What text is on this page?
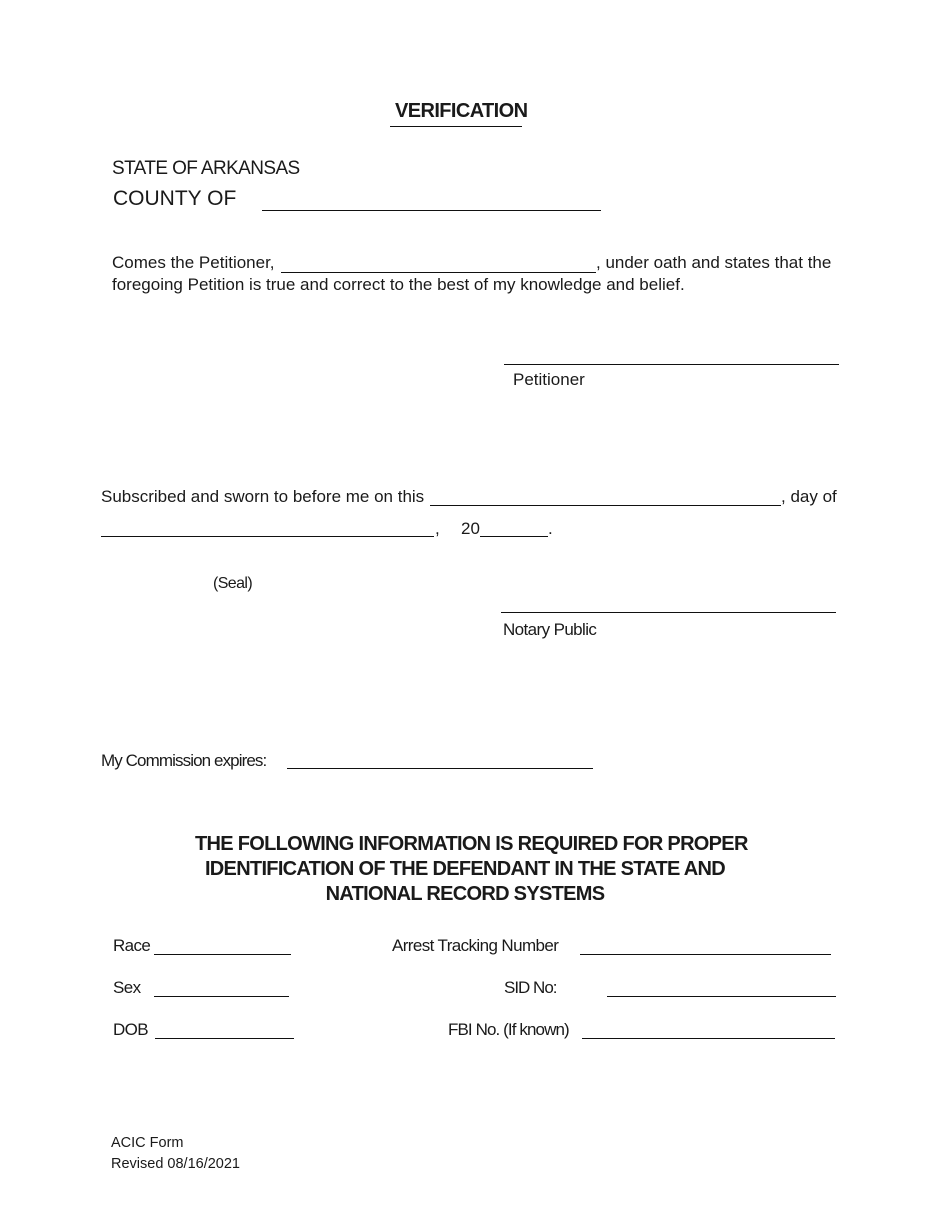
VERIFICATION
STATE OF ARKANSAS
COUNTY OF
Comes the Petitioner,	, under oath and states that the
foregoing Petition is true and correct to the best of my knowledge and belief.
Petitioner
Subscribed and sworn to before me on this	, day of
, 20	.
(Seal)
Notary Public
My Commission expires:
THE FOLLOWING INFORMATION IS REQUIRED FOR PROPER
IDENTIFICATION OF THE DEFENDANT IN THE STATE AND
NATIONAL RECORD SYSTEMS
Race	Arrest Tracking Number
Sex	SID No:
DOB	FBI No. (If known)
ACIC Form
Revised 08/16/2021
